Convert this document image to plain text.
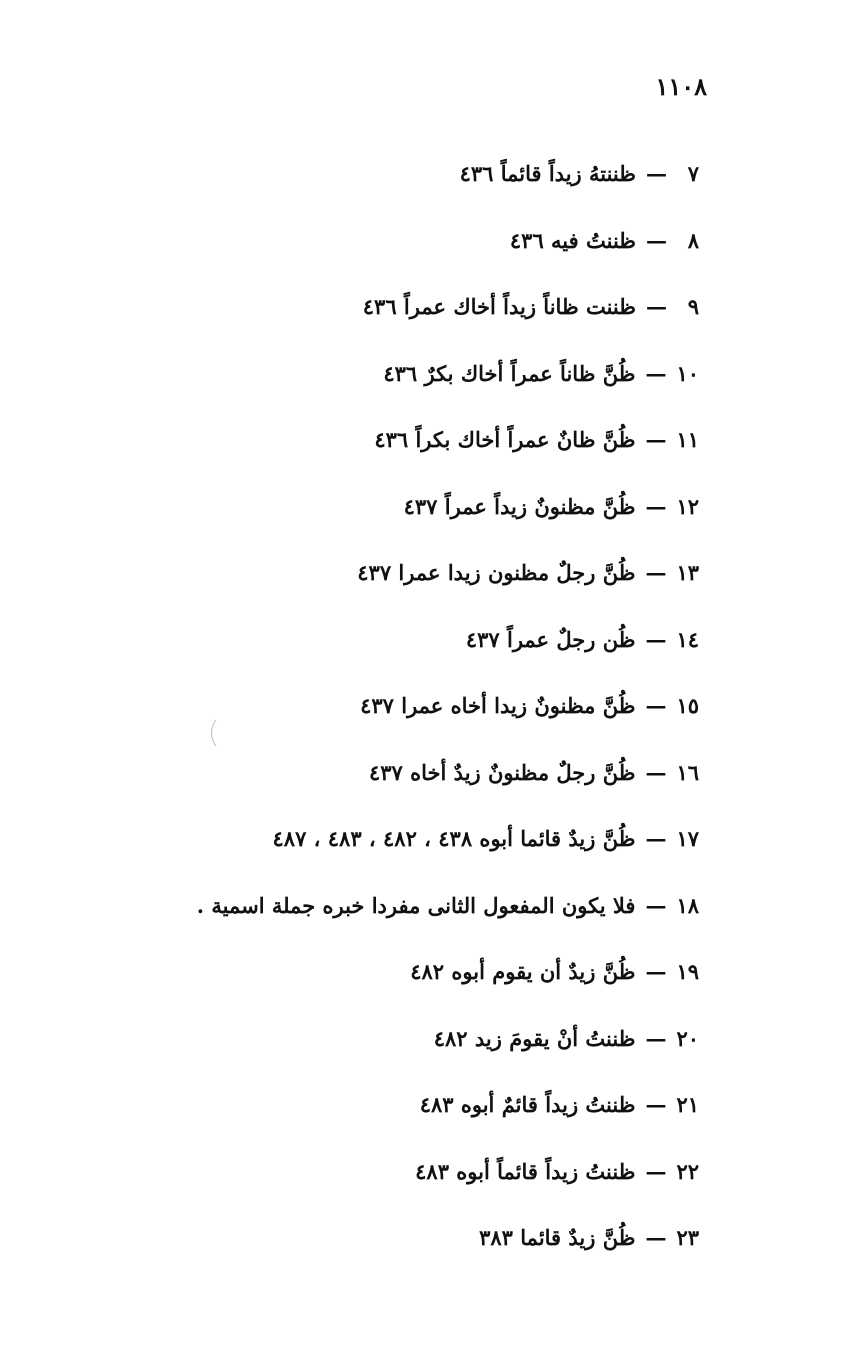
١١٠٨
٧—ظننتهُ زيداً قائماً ٤٣٦
٨—ظننتُ فيه ٤٣٦
٩—ظننت ظاناً زيداً أخاك عمراً ٤٣٦
١٠—ظُنَّ ظاناً عمراً أخاك بكرٌ ٤٣٦
١١—ظُنَّ ظانٌ عمراً أخاك بكراً ٤٣٦
١٢—ظُنَّ مظنونٌ زيداً عمراً ٤٣٧
١٣—ظُنَّ رجلٌ مظنون زيدا عمرا ٤٣٧
١٤—ظُن رجلٌ عمراً ٤٣٧
١٥—ظُنَّ مظنونٌ زيدا أخاه عمرا ٤٣٧
١٦—ظُنَّ رجلٌ مظنونٌ زيدٌ أخاه ٤٣٧
١٧—ظُنَّ زيدٌ قائما أبوه ٤٣٨ ، ٤٨٢ ، ٤٨٣ ، ٤٨٧
١٨—فلا يكون المفعول الثانى مفردا خبره جملة اسمية .
١٩—ظُنَّ زيدٌ أن يقوم أبوه ٤٨٢
٢٠—ظننتُ أنْ يقومَ زيد ٤٨٢
٢١—ظننتُ زيداً قائمٌ أبوه ٤٨٣
٢٢—ظننتُ زيداً قائماً أبوه ٤٨٣
٢٣—ظُنَّ زيدٌ قائما ٣٨٣
